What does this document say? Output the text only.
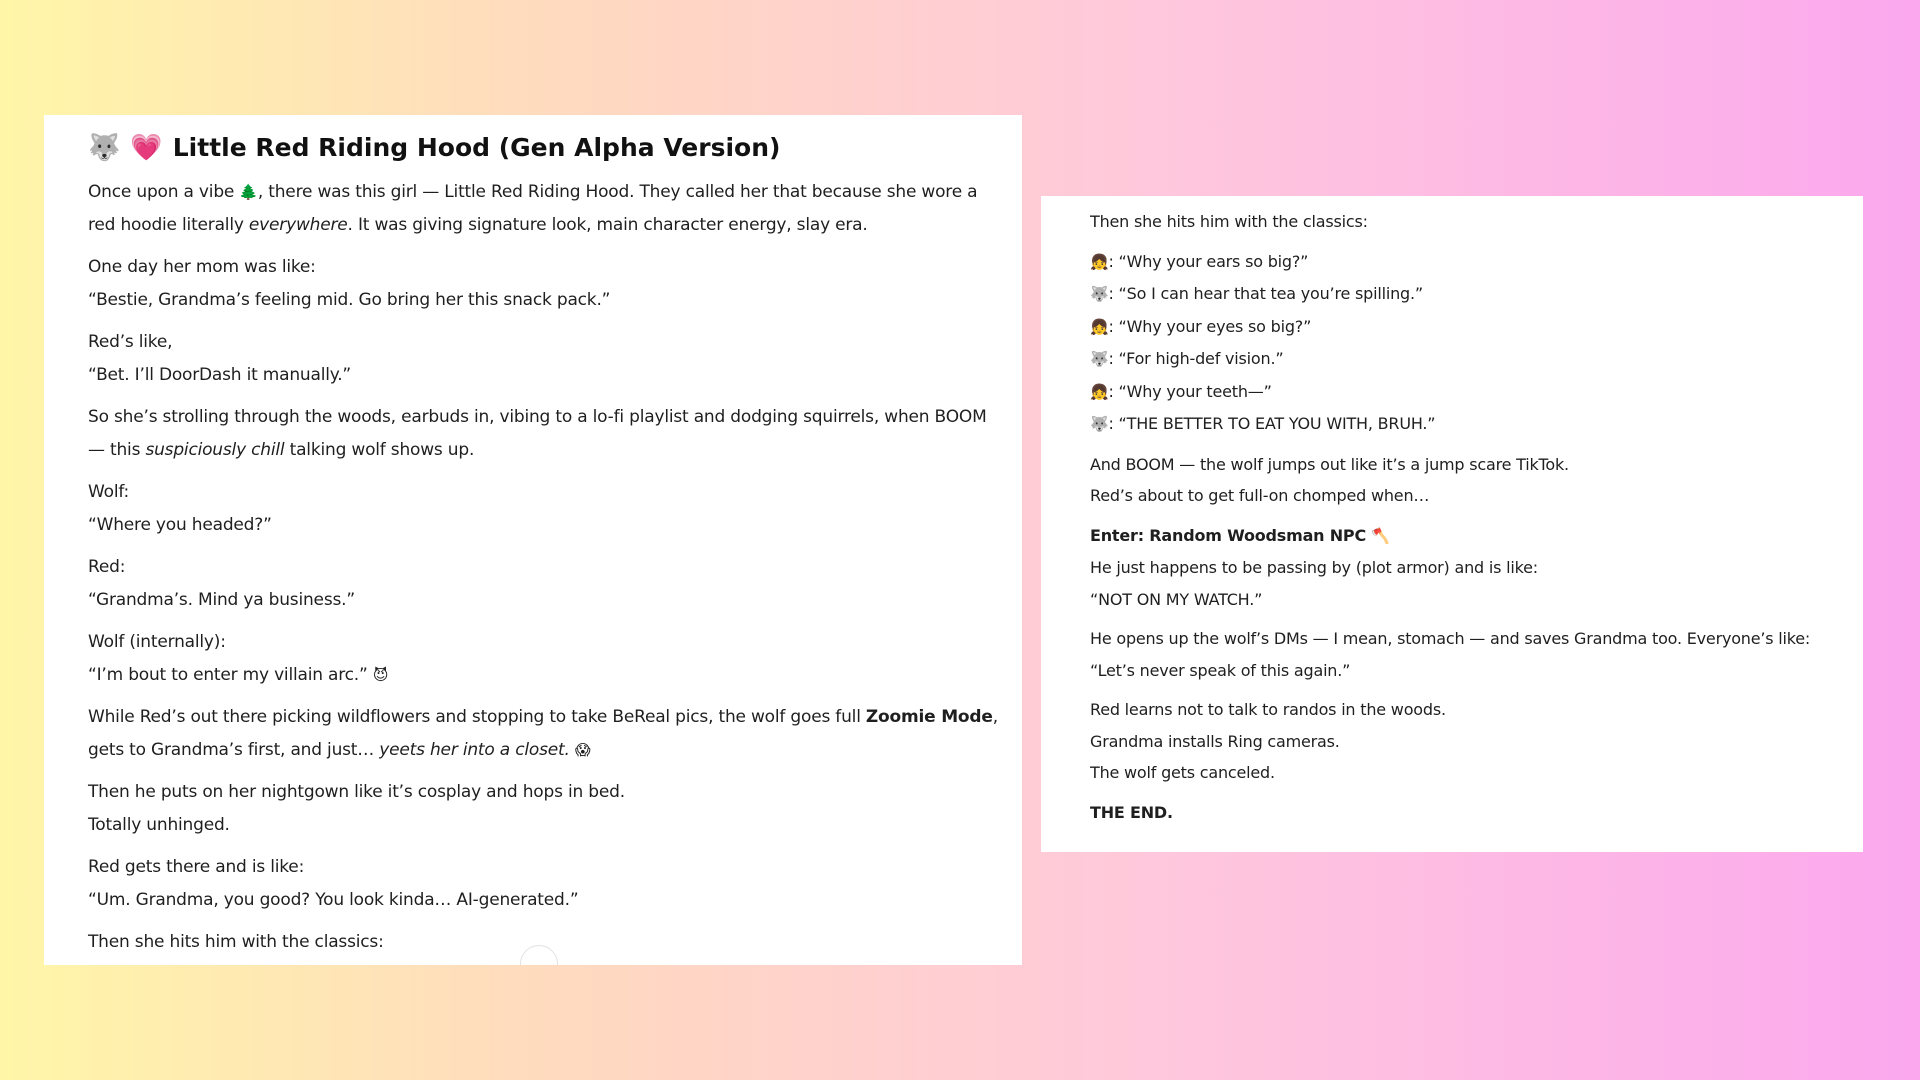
🐺 💗 Little Red Riding Hood (Gen Alpha Version)
Once upon a vibe 🌲, there was this girl — Little Red Riding Hood. They called her that because she wore a
red hoodie literally everywhere. It was giving signature look, main character energy, slay era.
One day her mom was like:
“Bestie, Grandma’s feeling mid. Go bring her this snack pack.”
Red’s like,
“Bet. I’ll DoorDash it manually.”
So she’s strolling through the woods, earbuds in, vibing to a lo-fi playlist and dodging squirrels, when BOOM
— this suspiciously chill talking wolf shows up.
Wolf:
“Where you headed?”
Red:
“Grandma’s. Mind ya business.”
Wolf (internally):
“I’m bout to enter my villain arc.” 😈
While Red’s out there picking wildflowers and stopping to take BeReal pics, the wolf goes full Zoomie Mode,
gets to Grandma’s first, and just… yeets her into a closet. 😱
Then he puts on her nightgown like it’s cosplay and hops in bed.
Totally unhinged.
Red gets there and is like:
“Um. Grandma, you good? You look kinda… AI-generated.”
Then she hits him with the classics:
Then she hits him with the classics:
👧: “Why your ears so big?”
🐺: “So I can hear that tea you’re spilling.”
👧: “Why your eyes so big?”
🐺: “For high-def vision.”
👧: “Why your teeth—”
🐺: “THE BETTER TO EAT YOU WITH, BRUH.”
And BOOM — the wolf jumps out like it’s a jump scare TikTok.
Red’s about to get full-on chomped when…
Enter: Random Woodsman NPC 🪓
He just happens to be passing by (plot armor) and is like:
“NOT ON MY WATCH.”
He opens up the wolf’s DMs — I mean, stomach — and saves Grandma too. Everyone’s like:
“Let’s never speak of this again.”
Red learns not to talk to randos in the woods.
Grandma installs Ring cameras.
The wolf gets canceled.
THE END.
